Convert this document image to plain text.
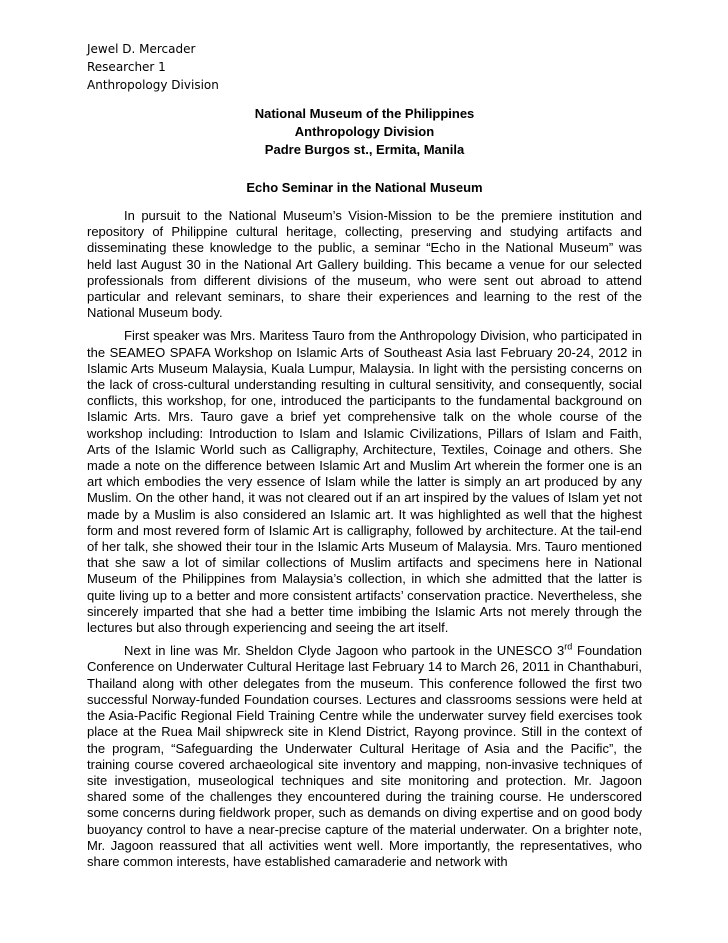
Jewel D. Mercader
Researcher 1
Anthropology Division
National Museum of the Philippines
Anthropology Division
Padre Burgos st., Ermita, Manila
Echo Seminar in the National Museum

In pursuit to the National Museum’s Vision-Mission to be the premiere institution and repository of Philippine cultural heritage, collecting, preserving and studying artifacts and disseminating these knowledge to the public, a seminar “Echo in the National Museum” was held last August 30 in the National Art Gallery building. This became a venue for our selected professionals from different divisions of the museum, who were sent out abroad to attend particular and relevant seminars, to share their experiences and learning to the rest of the National Museum body.

First speaker was Mrs. Maritess Tauro from the Anthropology Division, who participated in the SEAMEO SPAFA Workshop on Islamic Arts of Southeast Asia last February 20-24, 2012 in Islamic Arts Museum Malaysia, Kuala Lumpur, Malaysia. In light with the persisting concerns on the lack of cross-cultural understanding resulting in cultural sensitivity, and consequently, social conflicts, this workshop, for one, introduced the participants to the fundamental background on Islamic Arts. Mrs. Tauro gave a brief yet comprehensive talk on the whole course of the workshop including: Introduction to Islam and Islamic Civilizations, Pillars of Islam and Faith, Arts of the Islamic World such as Calligraphy, Architecture, Textiles, Coinage and others. She made a note on the difference between Islamic Art and Muslim Art wherein the former one is an art which embodies the very essence of Islam while the latter is simply an art produced by any Muslim. On the other hand, it was not cleared out if an art inspired by the values of Islam yet not made by a Muslim is also considered an Islamic art. It was highlighted as well that the highest form and most revered form of Islamic Art is calligraphy, followed by architecture. At the tail-end of her talk, she showed their tour in the Islamic Arts Museum of Malaysia. Mrs. Tauro mentioned that she saw a lot of similar collections of Muslim artifacts and specimens here in National Museum of the Philippines from Malaysia’s collection, in which she admitted that the latter is quite living up to a better and more consistent artifacts’ conservation practice. Nevertheless, she sincerely imparted that she had a better time imbibing the Islamic Arts not merely through the lectures but also through experiencing and seeing the art itself.

Next in line was Mr. Sheldon Clyde Jagoon who partook in the UNESCO 3rd Foundation Conference on Underwater Cultural Heritage last February 14 to March 26, 2011 in Chanthaburi, Thailand along with other delegates from the museum. This conference followed the first two successful Norway-funded Foundation courses. Lectures and classrooms sessions were held at the Asia-Pacific Regional Field Training Centre while the underwater survey field exercises took place at the Ruea Mail shipwreck site in Klend District, Rayong province. Still in the context of the program, “Safeguarding the Underwater Cultural Heritage of Asia and the Pacific”, the training course covered archaeological site inventory and mapping, non-invasive techniques of site investigation, museological techniques and site monitoring and protection. Mr. Jagoon shared some of the challenges they encountered during the training course. He underscored some concerns during fieldwork proper, such as demands on diving expertise and on good body buoyancy control to have a near-precise capture of the material underwater. On a brighter note, Mr. Jagoon reassured that all activities went well. More importantly, the representatives, who share common interests, have established camaraderie and network with
